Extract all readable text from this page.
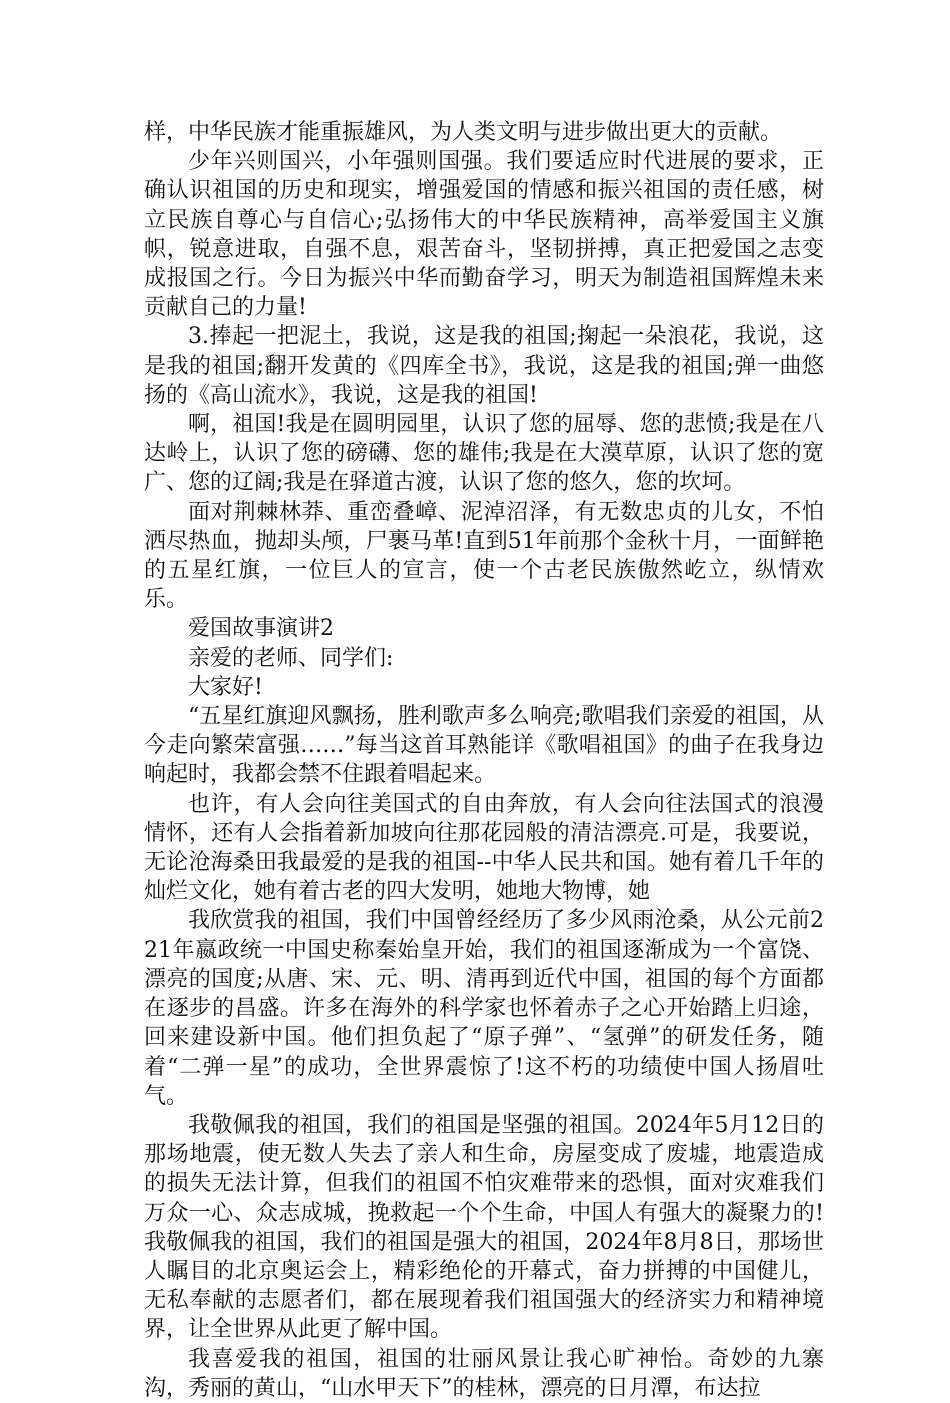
样，中华民族才能重振雄风，为人类文明与进步做出更大的贡献。

少年兴则国兴，小年强则国强。我们要适应时代进展的要求，正确认识祖国的历史和现实，增强爱国的情感和振兴祖国的责任感，树立民族自尊心与自信心;弘扬伟大的中华民族精神，高举爱国主义旗帜，锐意进取，自强不息，艰苦奋斗，坚韧拼搏，真正把爱国之志变成报国之行。今日为振兴中华而勤奋学习，明天为制造祖国辉煌未来贡献自己的力量!

3.捧起一把泥土，我说，这是我的祖国;掬起一朵浪花，我说，这是我的祖国;翻开发黄的《四库全书》，我说，这是我的祖国;弹一曲悠扬的《高山流水》，我说，这是我的祖国!

啊，祖国!我是在圆明园里，认识了您的屈辱、您的悲愤;我是在八达岭上，认识了您的磅礴、您的雄伟;我是在大漠草原，认识了您的宽广、您的辽阔;我是在驿道古渡，认识了您的悠久，您的坎坷。

面对荆棘林莽、重峦叠嶂、泥淖沼泽，有无数忠贞的儿女，不怕洒尽热血，抛却头颅，尸裹马革!直到51年前那个金秋十月，一面鲜艳的五星红旗，一位巨人的宣言，使一个古老民族傲然屹立，纵情欢乐。

爱国故事演讲2

亲爱的老师、同学们:

大家好!

“五星红旗迎风飘扬，胜利歌声多么响亮;歌唱我们亲爱的祖国，从今走向繁荣富强……”每当这首耳熟能详《歌唱祖国》的曲子在我身边响起时，我都会禁不住跟着唱起来。

也许，有人会向往美国式的自由奔放，有人会向往法国式的浪漫情怀，还有人会指着新加坡向往那花园般的清洁漂亮.可是，我要说，无论沧海桑田我最爱的是我的祖国--中华人民共和国。她有着几千年的灿烂文化，她有着古老的四大发明，她地大物博，她

我欣赏我的祖国，我们中国曾经经历了多少风雨沧桑，从公元前221年嬴政统一中国史称秦始皇开始，我们的祖国逐渐成为一个富饶、漂亮的国度;从唐、宋、元、明、清再到近代中国，祖国的每个方面都在逐步的昌盛。许多在海外的科学家也怀着赤子之心开始踏上归途，回来建设新中国。他们担负起了“原子弹”、“氢弹”的研发任务，随着“二弹一星”的成功，全世界震惊了!这不朽的功绩使中国人扬眉吐气。

我敬佩我的祖国，我们的祖国是坚强的祖国。2024年5月12日的那场地震，使无数人失去了亲人和生命，房屋变成了废墟，地震造成的损失无法计算，但我们的祖国不怕灾难带来的恐惧，面对灾难我们万众一心、众志成城，挽救起一个个生命，中国人有强大的凝聚力的!我敬佩我的祖国，我们的祖国是强大的祖国，2024年8月8日，那场世人瞩目的北京奥运会上，精彩绝伦的开幕式，奋力拼搏的中国健儿，无私奉献的志愿者们，都在展现着我们祖国强大的经济实力和精神境界，让全世界从此更了解中国。

我喜爱我的祖国，祖国的壮丽风景让我心旷神怡。奇妙的九寨沟，秀丽的黄山，“山水甲天下”的桂林，漂亮的日月潭，布达拉
